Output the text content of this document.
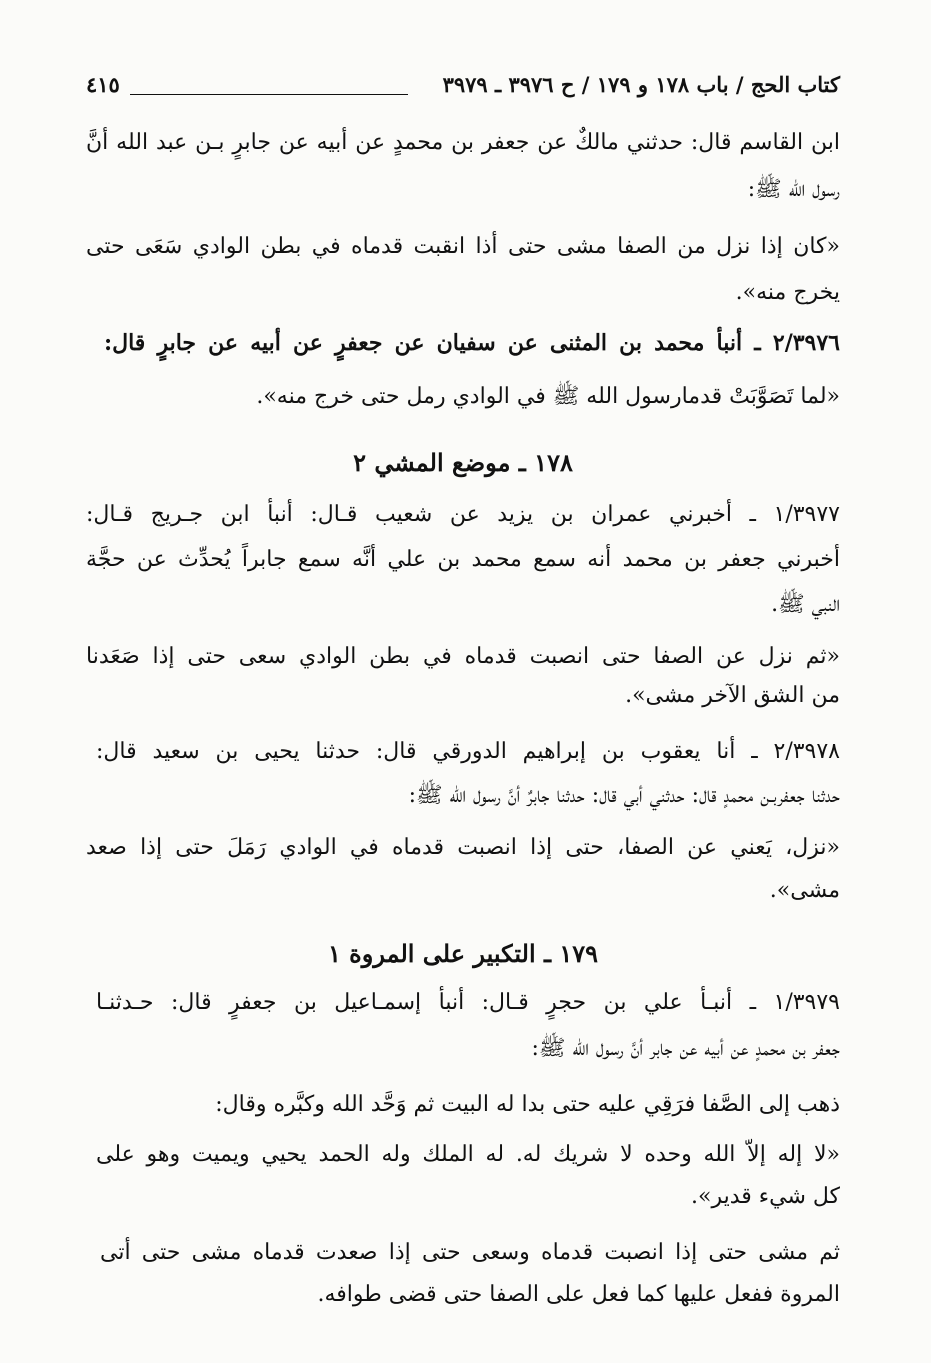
كتاب الحج / باب ١٧٨ و ١٧٩ / ح ٣٩٧٦ ـ ٣٩٧٩
٤١٥
ابن القاسم قال: حدثني مالكٌ عن جعفر بن محمدٍ عن أبيه عن جابرٍ بـن عبد الله أنَّ
رسول الله ﷺ:
«كان إذا نزل من الصفا مشى حتى أذا انقبت قدماه في بطن الوادي سَعَى حتى
يخرج منه».
٢/٣٩٧٦ ـ أنبأ محمد بن المثنى عن سفيان عن جعفرٍ عن أبيه عن جابرٍ قال:
«لما تَصَوَّبَتْ قدمارسول الله ﷺ في الوادي رمل حتى خرج منه».
١٧٨ ـ موضع المشي ٢
١/٣٩٧٧ ـ أخبرني عمران بن يزيد عن شعيب قـال: أنبأ ابن جـريج قـال:
أخبرني جعفر بن محمد أنه سمع محمد بن علي أنَّه سمع جابراً يُحدِّث عن حجَّة
النبي ﷺ.
«ثم نزل عن الصفا حتى انصبت قدماه في بطن الوادي سعى حتى إذا صَعَدنا
من الشق الآخر مشى».
٢/٣٩٧٨ ـ أنا يعقوب بن إبراهيم الدورقي قال: حدثنا يحيى بن سعيد قال:
حدثنا جعفربـن محمدٍ قال: حدثني أبي قال: حدثنا جابرٌ أنَّ رسول الله ﷺ:
«نزل، يَعني عن الصفا، حتى إذا انصبت قدماه في الوادي رَمَلَ حتى إذا صعد
مشى».
١٧٩ ـ التكبير على المروة ١
١/٣٩٧٩ ـ أنبـأ علي بن حجرٍ قـال: أنبأ إسمـاعيل بن جعفرٍ قال: حـدثنـا
جعفر بن محمدٍ عن أبيه عن جابر أنَّ رسول الله ﷺ:
ذهب إلى الصَّفا فرَقِي عليه حتى بدا له البيت ثم وَحَّد الله وكبَّره وقال:
«لا إله إلاّ الله وحده لا شريك له. له الملك وله الحمد يحيي ويميت وهو على
كل شيء قدير».
ثم مشى حتى إذا انصبت قدماه وسعى حتى إذا صعدت قدماه مشى حتى أتى
المروة ففعل عليها كما فعل على الصفا حتى قضى طوافه.
